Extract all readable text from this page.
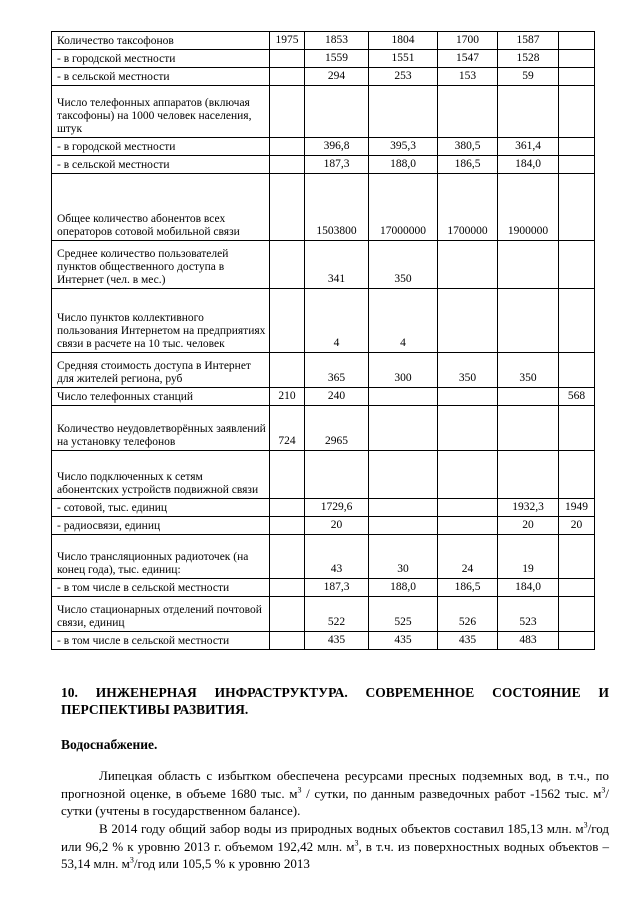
Количество таксофонов	1975	1853	1804	1700	1587	
- в городской местности		1559	1551	1547	1528	
- в сельской местности		294	253	153	59	
Число телефонных аппаратов (включая таксофоны) на 1000 человек населения, штук						
- в городской местности		396,8	395,3	380,5	361,4	
- в сельской местности		187,3	188,0	186,5	184,0	
Общее количество абонентов всех операторов сотовой мобильной связи		1503800	17000000	1700000	1900000	
Среднее количество пользователей пунктов общественного доступа в Интернет (чел. в мес.)		341	350			
Число пунктов коллективного пользования Интернетом на предприятиях связи в расчете на 10 тыс. человек		4	4			
Средняя стоимость доступа в Интернет для жителей региона, руб		365	300	350	350	
Число телефонных станций	210	240				568
Количество неудовлетворённых заявлений на установку телефонов	724	2965				
Число подключенных к сетям абонентских устройств подвижной связи						
- сотовой, тыс. единиц		1729,6			1932,3	1949
- радиосвязи, единиц		20			20	20
Число трансляционных радиоточек (на конец года), тыс. единиц:		43	30	24	19	
- в том числе в сельской местности		187,3	188,0	186,5	184,0	
Число стационарных отделений почтовой связи, единиц		522	525	526	523	
- в том числе в сельской местности		435	435	435	483	
10. ИНЖЕНЕРНАЯ ИНФРАСТРУКТУРА. СОВРЕМЕННОЕ СОСТОЯНИЕ И ПЕРСПЕКТИВЫ РАЗВИТИЯ.
Водоснабжение.

Липецкая область с избытком обеспечена ресурсами пресных подземных вод, в т.ч., по прогнозной оценке, в объеме 1680 тыс. $м^3$ / сутки, по данным разведочных работ -1562 тыс. $м^3$/сутки (учтены в государственном балансе).

В 2014 году общий забор воды из природных водных объектов составил 185,13 млн. $м^3$/год или 96,2 % к уровню 2013 г. объемом 192,42 млн. $м^3$, в т.ч. из поверхностных водных объектов – 53,14 млн. $м^3$/год или 105,5 % к уровню 2013
